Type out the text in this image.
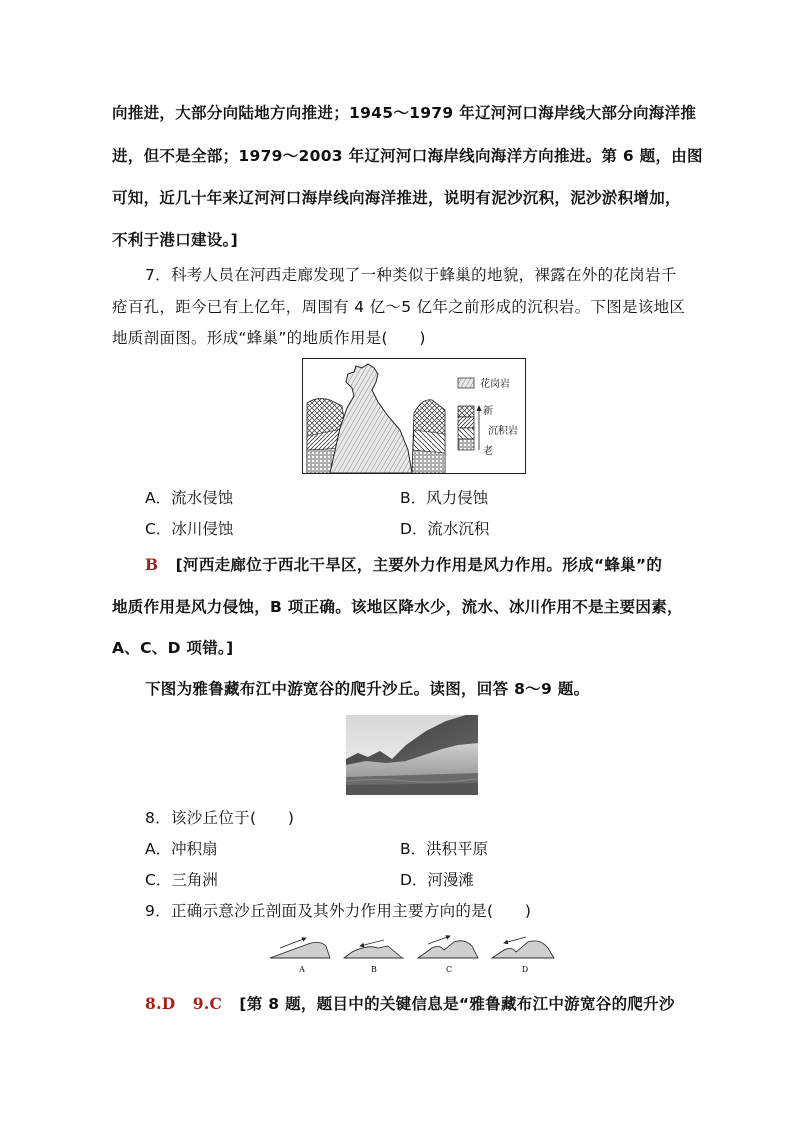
向推进，大部分向陆地方向推进；1945～1979 年辽河河口海岸线大部分向海洋推
进，但不是全部；1979～2003 年辽河河口海岸线向海洋方向推进。第 6 题，由图
可知，近几十年来辽河河口海岸线向海洋推进，说明有泥沙沉积，泥沙淤积增加，
不利于港口建设。]
7．科考人员在河西走廊发现了一种类似于蜂巢的地貌，裸露在外的花岗岩千
疮百孔，距今已有上亿年，周围有 4 亿～5 亿年之前形成的沉积岩。下图是该地区
地质剖面图。形成“蜂巢”的地质作用是(　　)
花岗岩
新
沉积岩
老
A．流水侵蚀	B．风力侵蚀
C．冰川侵蚀	D．流水沉积
B [河西走廊位于西北干旱区，主要外力作用是风力作用。形成“蜂巢”的
地质作用是风力侵蚀，B 项正确。该地区降水少，流水、冰川作用不是主要因素，
A、C、D 项错。]
下图为雅鲁藏布江中游宽谷的爬升沙丘。读图，回答 8～9 题。
8．该沙丘位于(　　)
A．冲积扇	B．洪积平原
C．三角洲	D．河漫滩
9．正确示意沙丘剖面及其外力作用主要方向的是(　　)
A	B	C	D
8.D 9.C [第 8 题，题目中的关键信息是“雅鲁藏布江中游宽谷的爬升沙
